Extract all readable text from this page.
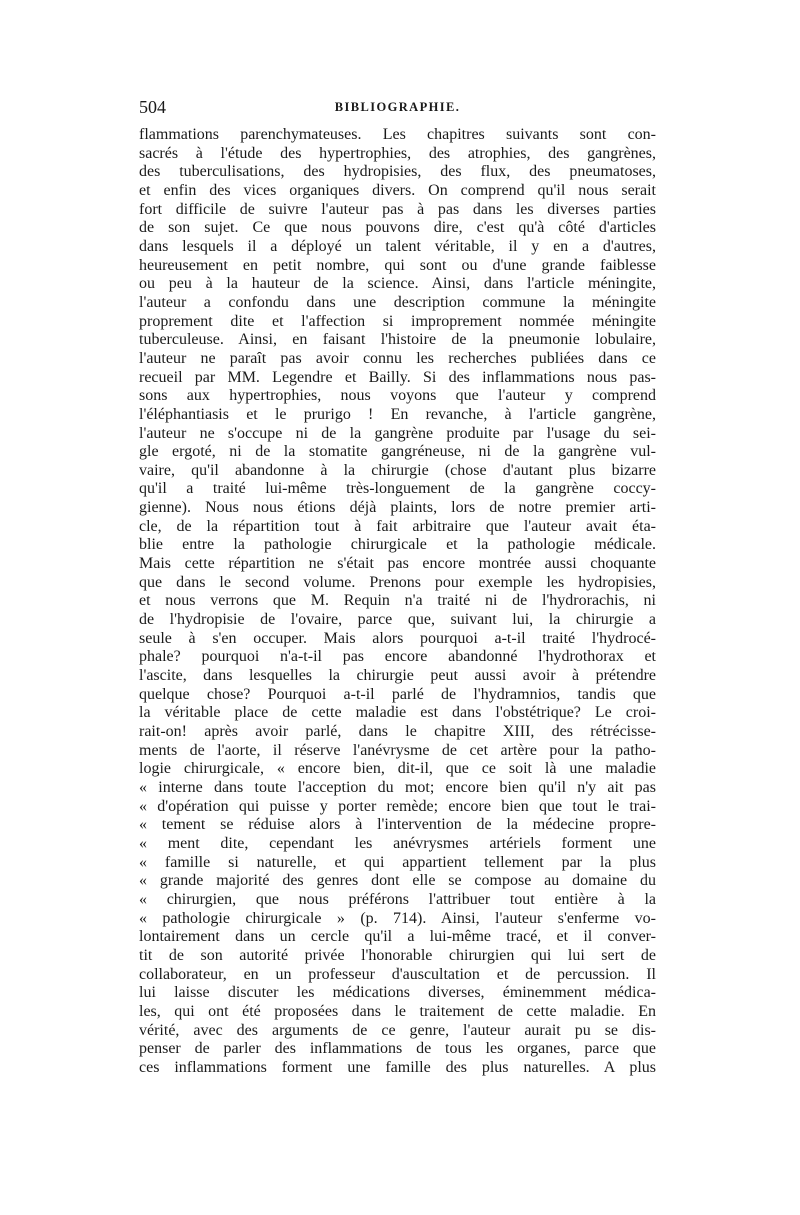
504	BIBLIOGRAPHIE.
flammations parenchymateuses. Les chapitres suivants sont con-
sacrés à l'étude des hypertrophies, des atrophies, des gangrènes,
des tuberculisations, des hydropisies, des flux, des pneumatoses,
et enfin des vices organiques divers. On comprend qu'il nous serait
fort difficile de suivre l'auteur pas à pas dans les diverses parties
de son sujet. Ce que nous pouvons dire, c'est qu'à côté d'articles
dans lesquels il a déployé un talent véritable, il y en a d'autres,
heureusement en petit nombre, qui sont ou d'une grande faiblesse
ou peu à la hauteur de la science. Ainsi, dans l'article méningite,
l'auteur a confondu dans une description commune la méningite
proprement dite et l'affection si improprement nommée méningite
tuberculeuse. Ainsi, en faisant l'histoire de la pneumonie lobulaire,
l'auteur ne paraît pas avoir connu les recherches publiées dans ce
recueil par MM. Legendre et Bailly. Si des inflammations nous pas-
sons aux hypertrophies, nous voyons que l'auteur y comprend
l'éléphantiasis et le prurigo ! En revanche, à l'article gangrène,
l'auteur ne s'occupe ni de la gangrène produite par l'usage du sei-
gle ergoté, ni de la stomatite gangréneuse, ni de la gangrène vul-
vaire, qu'il abandonne à la chirurgie (chose d'autant plus bizarre
qu'il a traité lui-même très-longuement de la gangrène coccy-
gienne). Nous nous étions déjà plaints, lors de notre premier arti-
cle, de la répartition tout à fait arbitraire que l'auteur avait éta-
blie entre la pathologie chirurgicale et la pathologie médicale.
Mais cette répartition ne s'était pas encore montrée aussi choquante
que dans le second volume. Prenons pour exemple les hydropisies,
et nous verrons que M. Requin n'a traité ni de l'hydrorachis, ni
de l'hydropisie de l'ovaire, parce que, suivant lui, la chirurgie a
seule à s'en occuper. Mais alors pourquoi a-t-il traité l'hydrocé-
phale? pourquoi n'a-t-il pas encore abandonné l'hydrothorax et
l'ascite, dans lesquelles la chirurgie peut aussi avoir à prétendre
quelque chose? Pourquoi a-t-il parlé de l'hydramnios, tandis que
la véritable place de cette maladie est dans l'obstétrique? Le croi-
rait-on! après avoir parlé, dans le chapitre XIII, des rétrécisse-
ments de l'aorte, il réserve l'anévrysme de cet artère pour la patho-
logie chirurgicale, « encore bien, dit-il, que ce soit là une maladie
« interne dans toute l'acception du mot; encore bien qu'il n'y ait pas
« d'opération qui puisse y porter remède; encore bien que tout le trai-
« tement se réduise alors à l'intervention de la médecine propre-
« ment dite, cependant les anévrysmes artériels forment une
« famille si naturelle, et qui appartient tellement par la plus
« grande majorité des genres dont elle se compose au domaine du
« chirurgien, que nous préférons l'attribuer tout entière à la
« pathologie chirurgicale » (p. 714). Ainsi, l'auteur s'enferme vo-
lontairement dans un cercle qu'il a lui-même tracé, et il conver-
tit de son autorité privée l'honorable chirurgien qui lui sert de
collaborateur, en un professeur d'auscultation et de percussion. Il
lui laisse discuter les médications diverses, éminemment médica-
les, qui ont été proposées dans le traitement de cette maladie. En
vérité, avec des arguments de ce genre, l'auteur aurait pu se dis-
penser de parler des inflammations de tous les organes, parce que
ces inflammations forment une famille des plus naturelles. A plus
